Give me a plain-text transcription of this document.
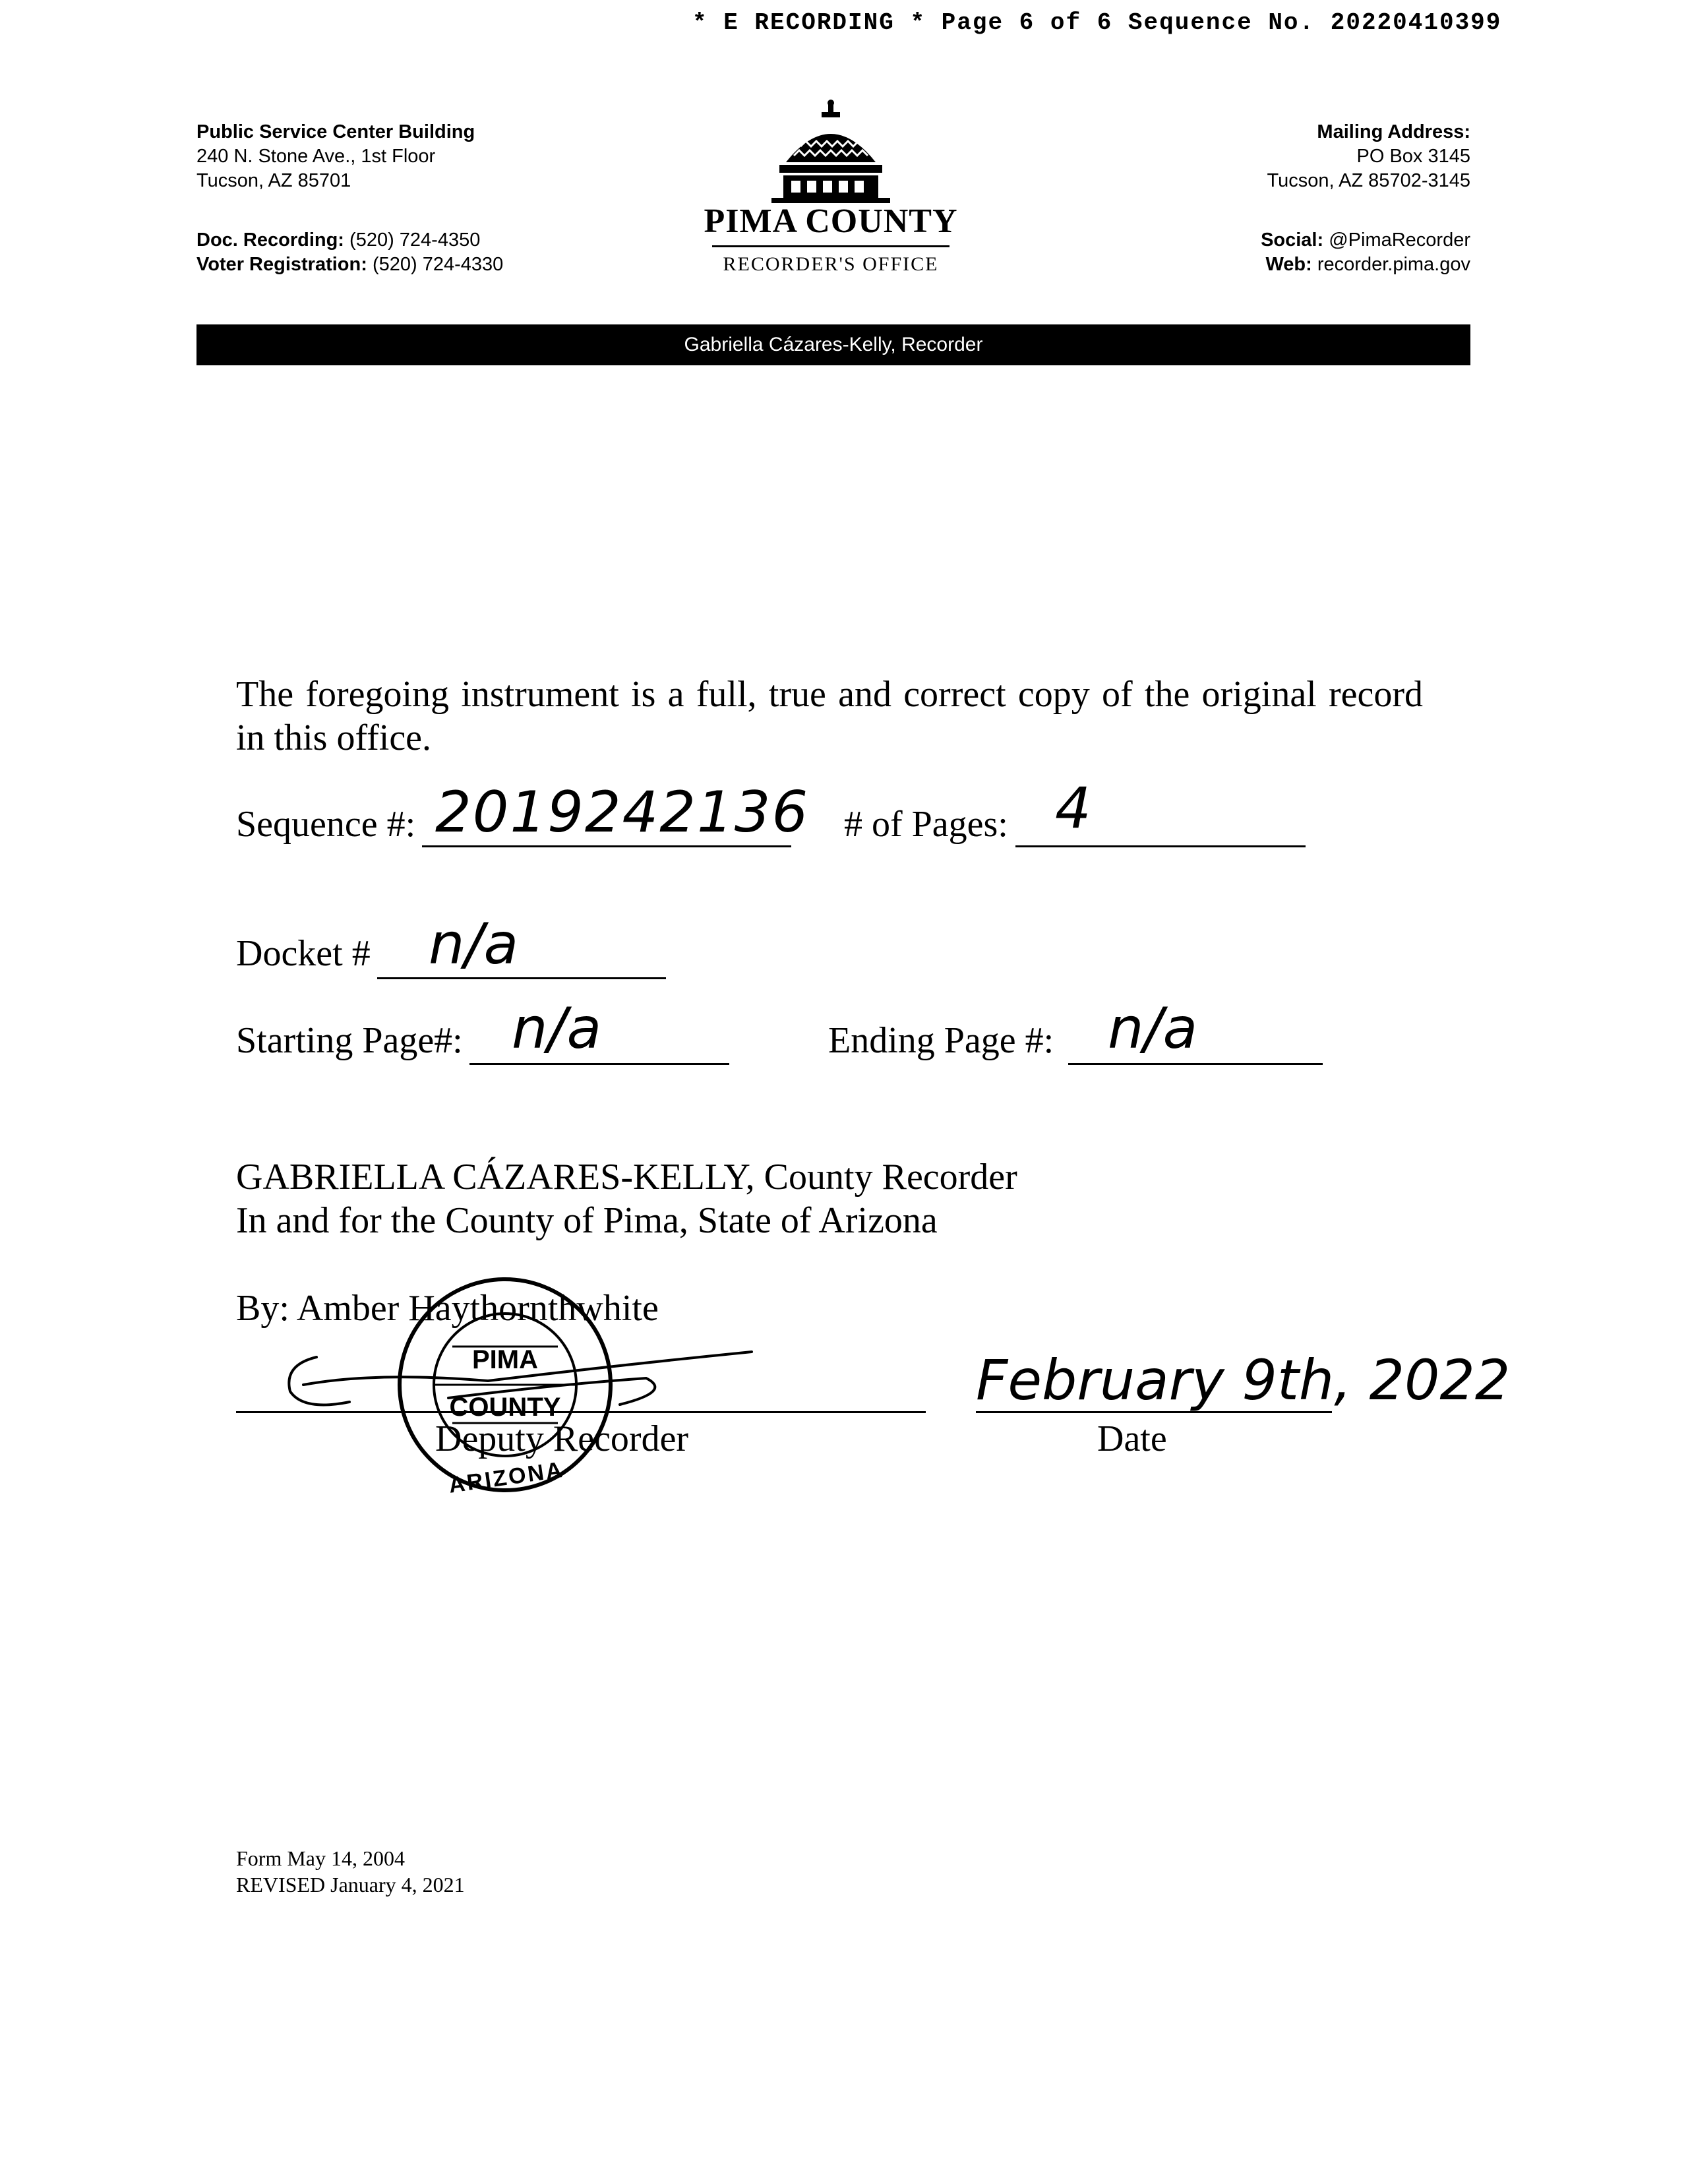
* E RECORDING * Page 6 of 6 Sequence No. 20220410399
Public Service Center Building
240 N. Stone Ave., 1st Floor
Tucson, AZ 85701
Doc. Recording: (520) 724-4350
Voter Registration: (520) 724-4330
PIMA COUNTY
RECORDER'S OFFICE
Mailing Address:
PO Box 3145
Tucson, AZ 85702-3145
Social: @PimaRecorder
Web: recorder.pima.gov
Gabriella Cázares-Kelly, Recorder
The foregoing instrument is a full, true and correct copy of the original record in this office.
Sequence #: 2019242136 # of Pages: 4
Docket # n/a
Starting Page#: n/a	Ending Page #: n/a
GABRIELLA CÁZARES-KELLY, County Recorder
In and for the County of Pima, State of Arizona
By: Amber Haythornthwhite
Deputy Recorder
PIMA
COUNTY
ARIZONA
February 9th, 2022
Date
Form May 14, 2004
REVISED January 4, 2021
